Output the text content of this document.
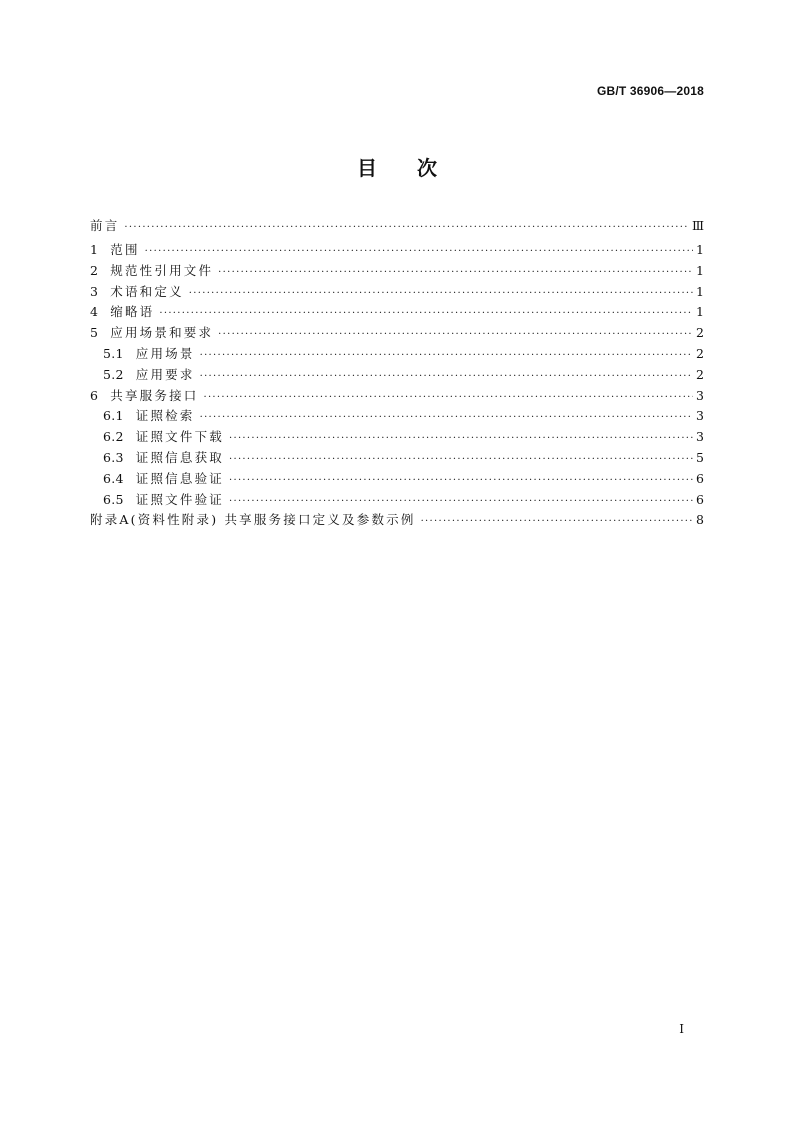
GB/T 36906—2018
目次
前言 ·····	Ⅲ
1 范围 ·····	1
2 规范性引用文件 ·····	1
3 术语和定义 ·····	1
4 缩略语 ·····	1
5 应用场景和要求 ·····	2
5.1 应用场景 ·····	2
5.2 应用要求 ·····	2
6 共享服务接口 ·····	3
6.1 证照检索 ·····	3
6.2 证照文件下载 ·····	3
6.3 证照信息获取 ·····	5
6.4 证照信息验证 ·····	6
6.5 证照文件验证 ·····	6
附录A(资料性附录) 共享服务接口定义及参数示例 ·····	8
I
